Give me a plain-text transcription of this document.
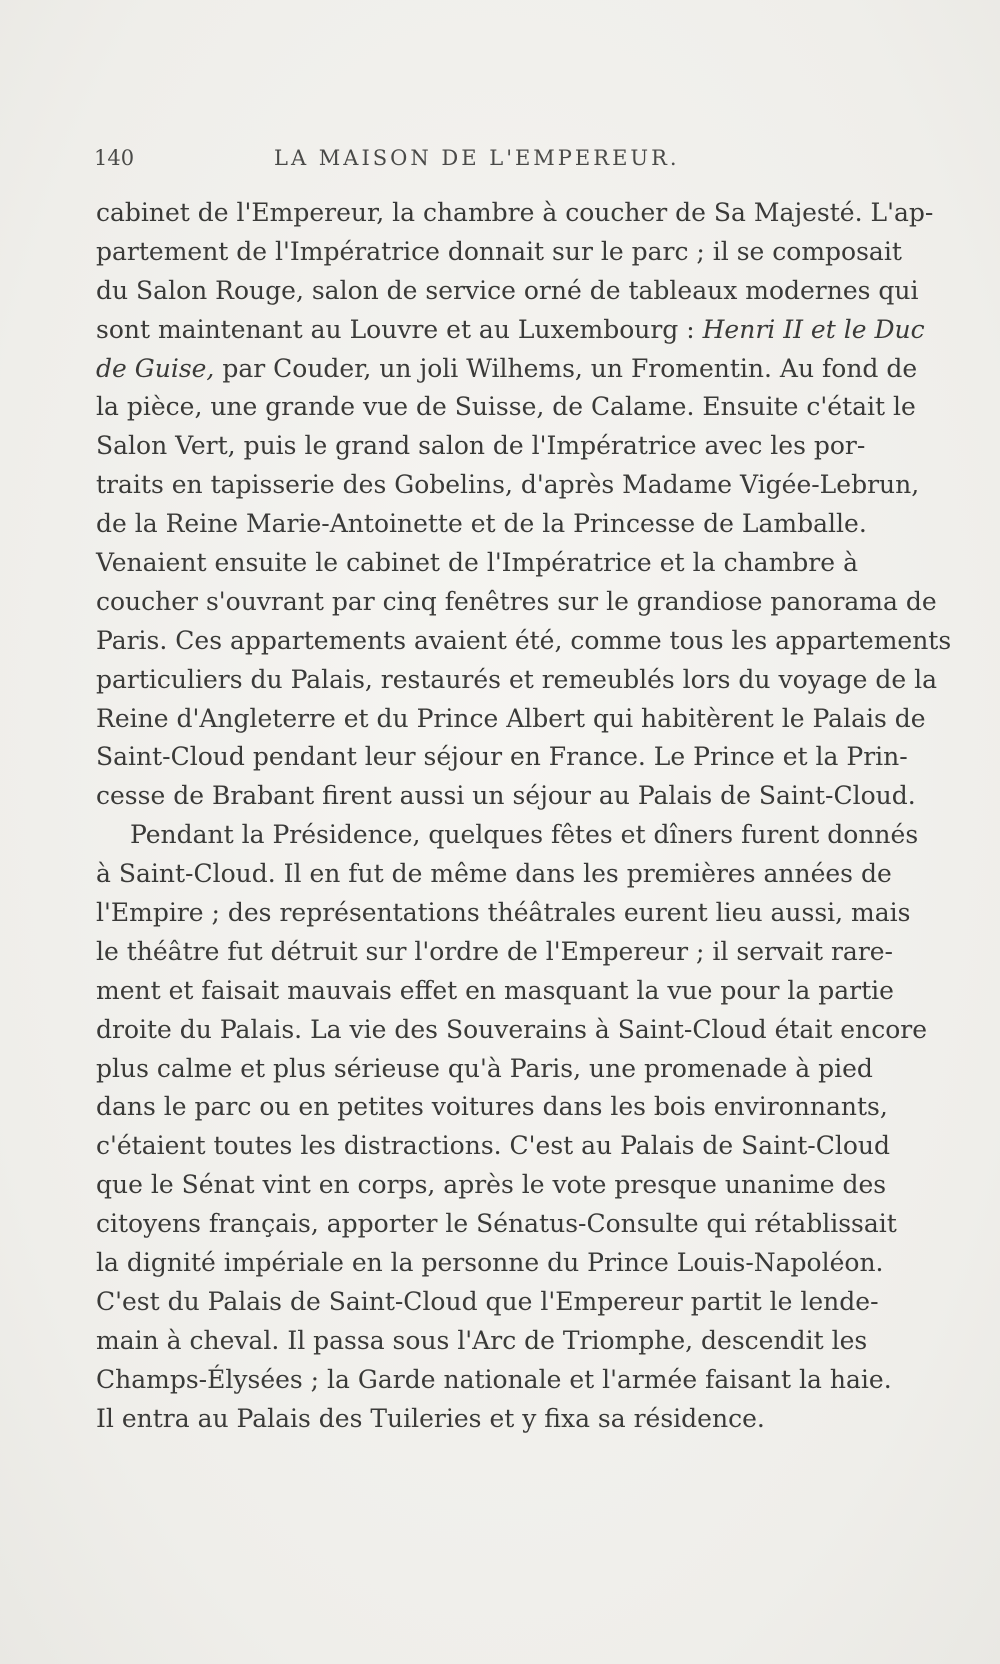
140	LA MAISON DE L'EMPEREUR.
cabinet de l'Empereur, la chambre à coucher de Sa Majesté. L'ap-
partement de l'Impératrice donnait sur le parc ; il se composait
du Salon Rouge, salon de service orné de tableaux modernes qui
sont maintenant au Louvre et au Luxembourg : Henri II et le Duc
de Guise, par Couder, un joli Wilhems, un Fromentin. Au fond de
la pièce, une grande vue de Suisse, de Calame. Ensuite c'était le
Salon Vert, puis le grand salon de l'Impératrice avec les por-
traits en tapisserie des Gobelins, d'après Madame Vigée-Lebrun,
de la Reine Marie-Antoinette et de la Princesse de Lamballe.
Venaient ensuite le cabinet de l'Impératrice et la chambre à
coucher s'ouvrant par cinq fenêtres sur le grandiose panorama de
Paris. Ces appartements avaient été, comme tous les appartements
particuliers du Palais, restaurés et remeublés lors du voyage de la
Reine d'Angleterre et du Prince Albert qui habitèrent le Palais de
Saint-Cloud pendant leur séjour en France. Le Prince et la Prin-
cesse de Brabant firent aussi un séjour au Palais de Saint-Cloud.
Pendant la Présidence, quelques fêtes et dîners furent donnés
à Saint-Cloud. Il en fut de même dans les premières années de
l'Empire ; des représentations théâtrales eurent lieu aussi, mais
le théâtre fut détruit sur l'ordre de l'Empereur ; il servait rare-
ment et faisait mauvais effet en masquant la vue pour la partie
droite du Palais. La vie des Souverains à Saint-Cloud était encore
plus calme et plus sérieuse qu'à Paris, une promenade à pied
dans le parc ou en petites voitures dans les bois environnants,
c'étaient toutes les distractions. C'est au Palais de Saint-Cloud
que le Sénat vint en corps, après le vote presque unanime des
citoyens français, apporter le Sénatus-Consulte qui rétablissait
la dignité impériale en la personne du Prince Louis-Napoléon.
C'est du Palais de Saint-Cloud que l'Empereur partit le lende-
main à cheval. Il passa sous l'Arc de Triomphe, descendit les
Champs-Élysées ; la Garde nationale et l'armée faisant la haie.
Il entra au Palais des Tuileries et y fixa sa résidence.
